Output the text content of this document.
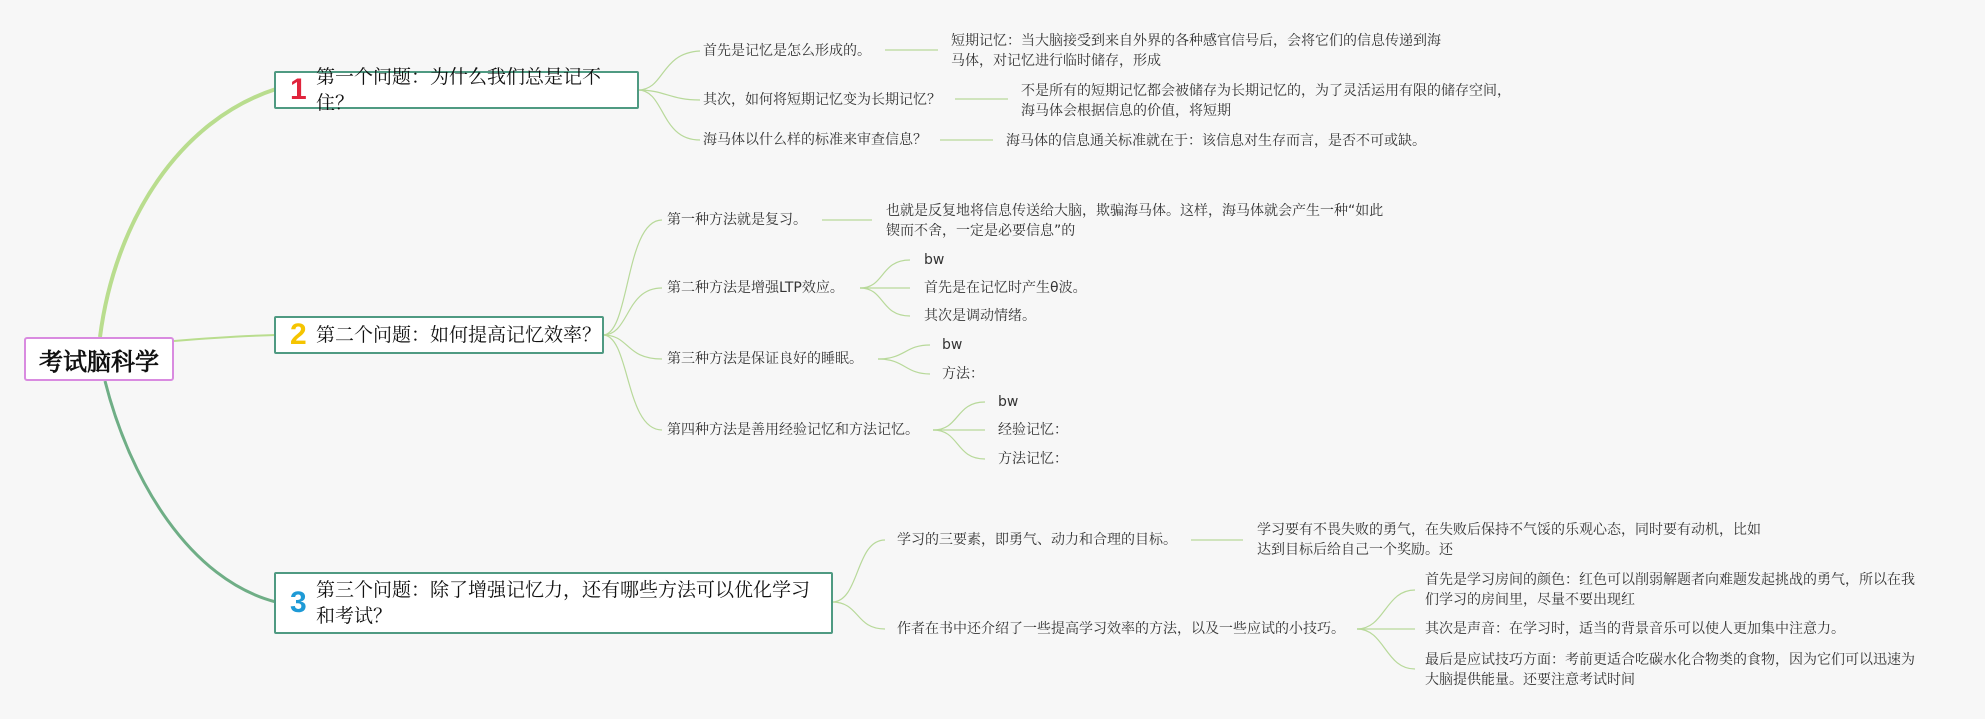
考试脑科学
1 第一个问题：为什么我们总是记不住？
首先是记忆是怎么形成的。
短期记忆：当大脑接受到来自外界的各种感官信号后，会将它们的信息传递到海马体，对记忆进行临时储存，形成
其次，如何将短期记忆变为长期记忆？
不是所有的短期记忆都会被储存为长期记忆的，为了灵活运用有限的储存空间，海马体会根据信息的价值，将短期
海马体以什么样的标准来审查信息？	海马体的信息通关标准就在于：该信息对生存而言，是否不可或缺。
2 第二个问题：如何提高记忆效率？
第一种方法就是复习。
也就是反复地将信息传送给大脑，欺骗海马体。这样，海马体就会产生一种“如此锲而不舍，一定是必要信息”的
第二种方法是增强LTP效应。
bw
首先是在记忆时产生θ波。
其次是调动情绪。
第三种方法是保证良好的睡眠。
bw
方法：
第四种方法是善用经验记忆和方法记忆。
bw
经验记忆：
方法记忆：
3 第三个问题：除了增强记忆力，还有哪些方法可以优化学习和考试？
学习的三要素，即勇气、动力和合理的目标。
学习要有不畏失败的勇气，在失败后保持不气馁的乐观心态，同时要有动机，比如达到目标后给自己一个奖励。还
作者在书中还介绍了一些提高学习效率的方法，以及一些应试的小技巧。
首先是学习房间的颜色：红色可以削弱解题者向难题发起挑战的勇气，所以在我们学习的房间里，尽量不要出现红
其次是声音：在学习时，适当的背景音乐可以使人更加集中注意力。
最后是应试技巧方面：考前更适合吃碳水化合物类的食物，因为它们可以迅速为大脑提供能量。还要注意考试时间
